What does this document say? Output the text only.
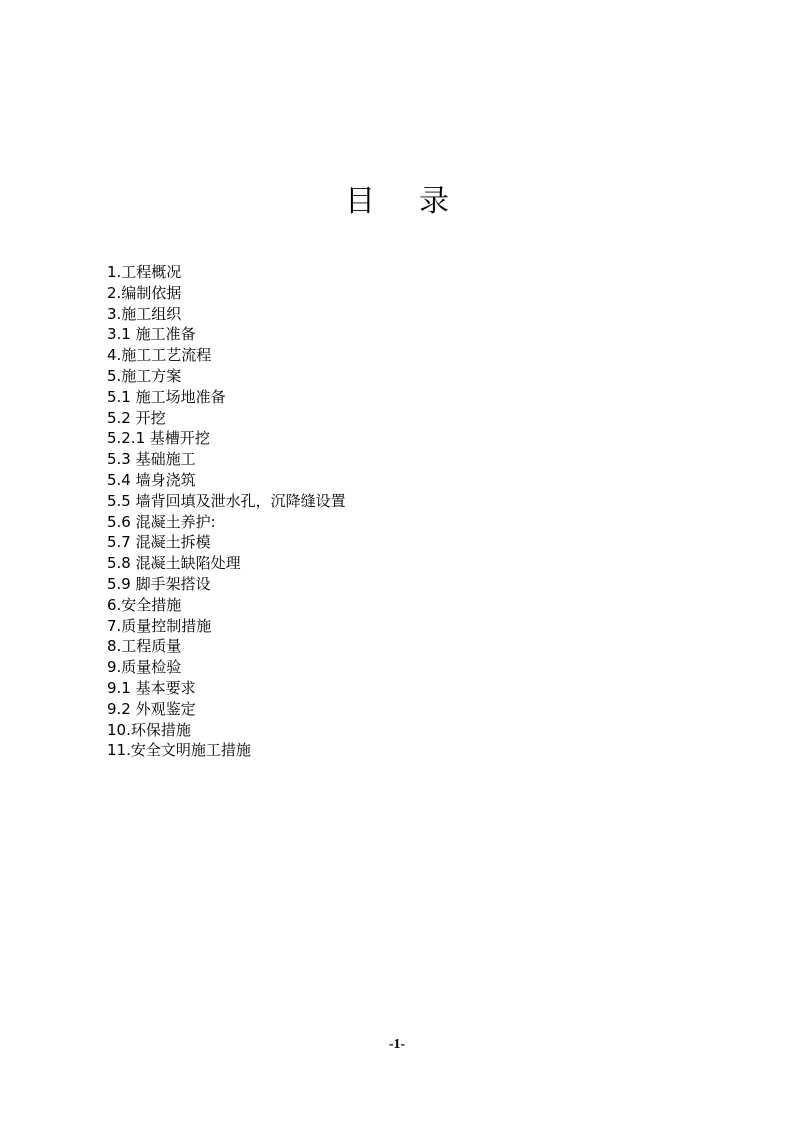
目 录
1.工程概况
2.编制依据
3.施工组织
3.1 施工准备
4.施工工艺流程
5.施工方案
5.1 施工场地准备
5.2 开挖
5.2.1 基槽开挖
5.3 基础施工
5.4 墙身浇筑
5.5 墙背回填及泄水孔，沉降缝设置
5.6 混凝土养护:
5.7 混凝土拆模
5.8 混凝土缺陷处理
5.9 脚手架搭设
6.安全措施
7.质量控制措施
8.工程质量
9.质量检验
9.1 基本要求
9.2 外观鉴定
10.环保措施
11.安全文明施工措施
-1-
